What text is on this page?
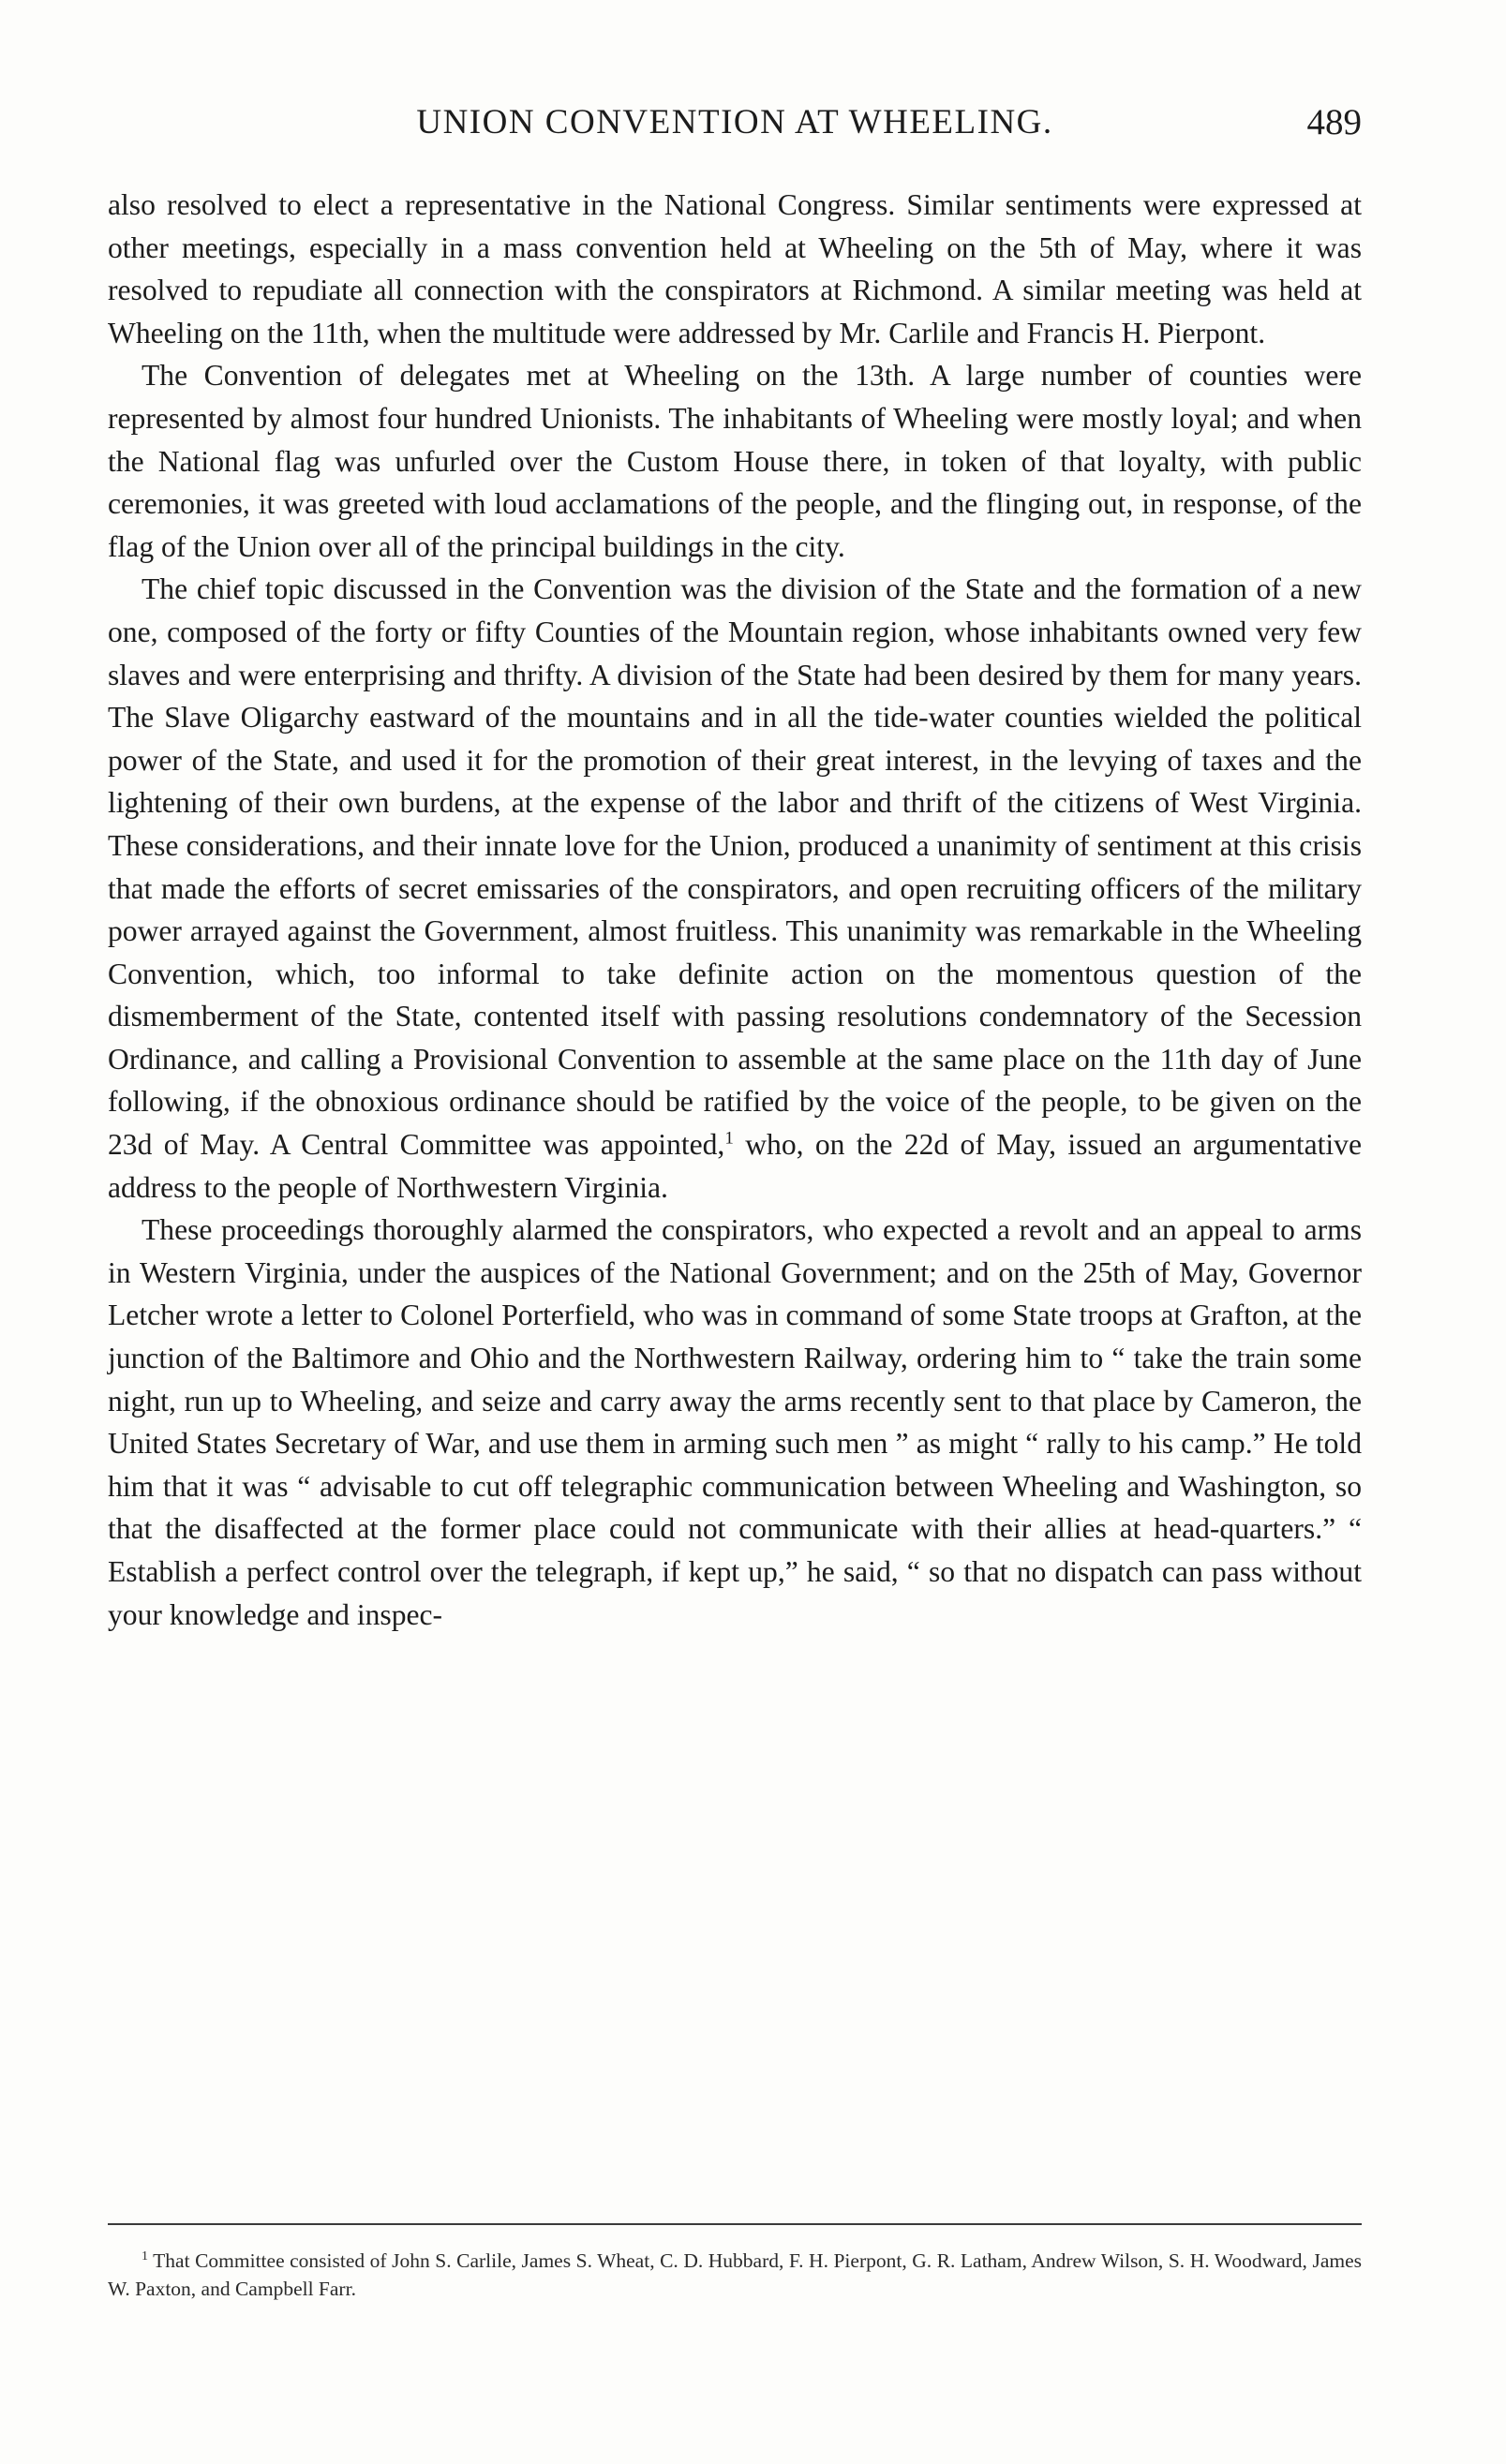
UNION CONVENTION AT WHEELING.	489

also resolved to elect a representative in the National Congress. Similar sentiments were expressed at other meetings, especially in a mass convention held at Wheeling on the 5th of May, where it was resolved to repudiate all connection with the conspirators at Richmond. A similar meeting was held at Wheeling on the 11th, when the multitude were addressed by Mr. Carlile and Francis H. Pierpont.

The Convention of delegates met at Wheeling on the 13th. A large number of counties were represented by almost four hundred Unionists. The inhabitants of Wheeling were mostly loyal; and when the National flag was unfurled over the Custom House there, in token of that loyalty, with public ceremonies, it was greeted with loud acclamations of the people, and the flinging out, in response, of the flag of the Union over all of the principal buildings in the city.

The chief topic discussed in the Convention was the division of the State and the formation of a new one, composed of the forty or fifty Counties of the Mountain region, whose inhabitants owned very few slaves and were enterprising and thrifty. A division of the State had been desired by them for many years. The Slave Oligarchy eastward of the mountains and in all the tide-water counties wielded the political power of the State, and used it for the promotion of their great interest, in the levying of taxes and the lightening of their own burdens, at the expense of the labor and thrift of the citizens of West Virginia. These considerations, and their innate love for the Union, produced a unanimity of sentiment at this crisis that made the efforts of secret emissaries of the conspirators, and open recruiting officers of the military power arrayed against the Government, almost fruitless. This unanimity was remarkable in the Wheeling Convention, which, too informal to take definite action on the momentous question of the dismemberment of the State, contented itself with passing resolutions condemnatory of the Secession Ordinance, and calling a Provisional Convention to assemble at the same place on the 11th day of June following, if the obnoxious ordinance should be ratified by the voice of the people, to be given on the 23d of May. A Central Committee was appointed,$^1$ who, on the 22d of May, issued an argumentative address to the people of Northwestern Virginia.

These proceedings thoroughly alarmed the conspirators, who expected a revolt and an appeal to arms in Western Virginia, under the auspices of the National Government; and on the 25th of May, Governor Letcher wrote a letter to Colonel Porterfield, who was in command of some State troops at Grafton, at the junction of the Baltimore and Ohio and the Northwestern Railway, ordering him to “ take the train some night, run up to Wheeling, and seize and carry away the arms recently sent to that place by Cameron, the United States Secretary of War, and use them in arming such men ” as might “ rally to his camp.” He told him that it was “ advisable to cut off telegraphic communication between Wheeling and Washington, so that the disaffected at the former place could not communicate with their allies at head-quarters.” “ Establish a perfect control over the telegraph, if kept up,” he said, “ so that no dispatch can pass without your knowledge and inspec-

$^1$ That Committee consisted of John S. Carlile, James S. Wheat, C. D. Hubbard, F. H. Pierpont, G. R. Latham, Andrew Wilson, S. H. Woodward, James W. Paxton, and Campbell Farr.
